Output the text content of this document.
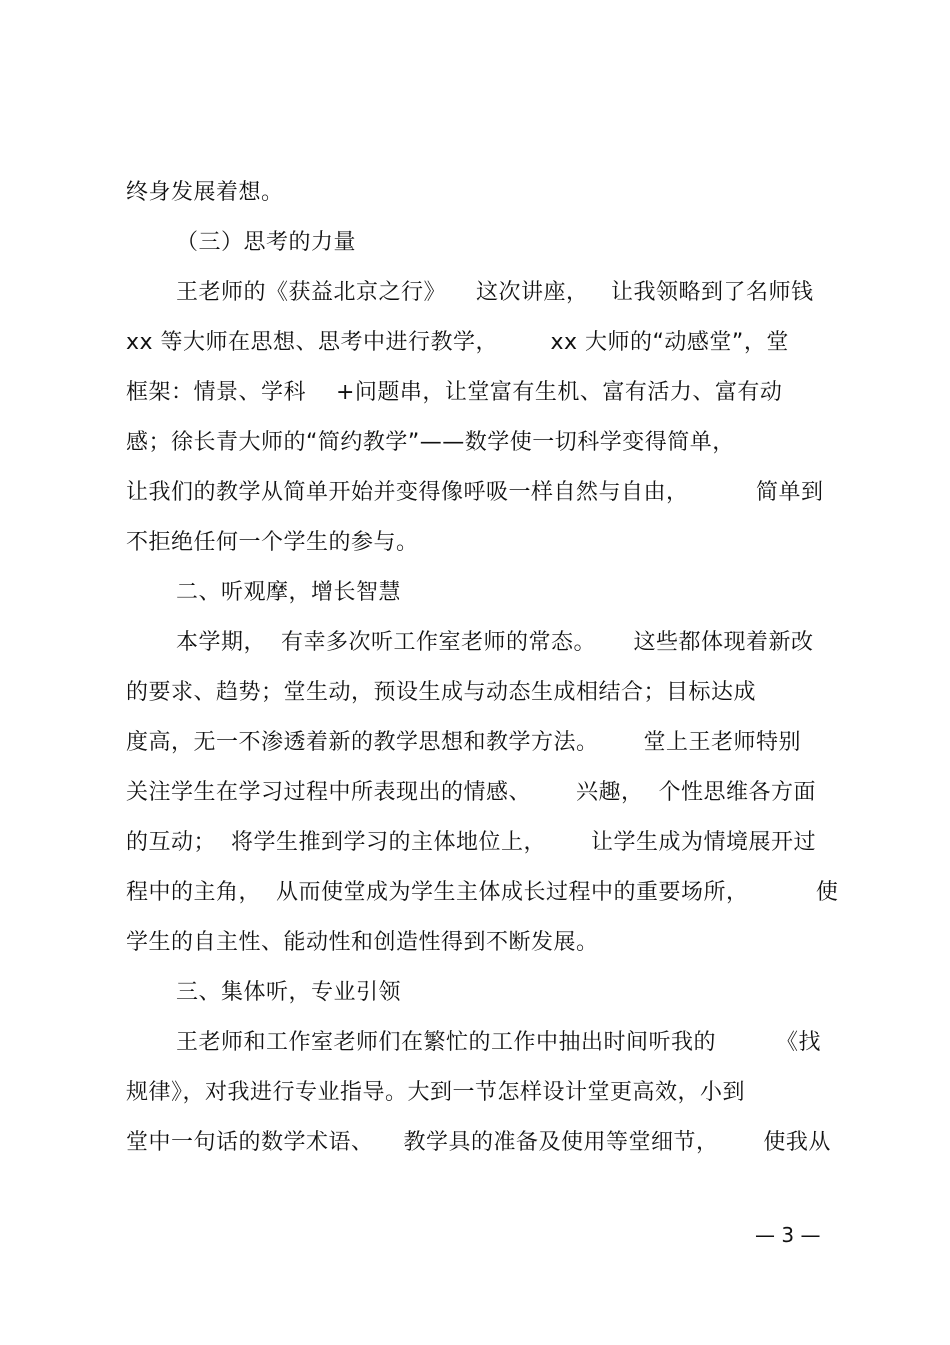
终身发展着想。
（三）思考的力量
王老师的《获益北京之行》    这次讲座，   让我领略到了名师钱
xx 等大师在思想、思考中进行教学，       xx 大师的“动感堂”，堂
框架：情景、学科    +问题串，让堂富有生机、富有活力、富有动
感；徐长青大师的“简约教学”——数学使一切科学变得简单，
让我们的教学从简单开始并变得像呼吸一样自然与自由，         简单到
不拒绝任何一个学生的参与。
二、听观摩，增长智慧
本学期，  有幸多次听工作室老师的常态。     这些都体现着新改
的要求、趋势；堂生动，预设生成与动态生成相结合；目标达成
度高，无一不渗透着新的教学思想和教学方法。      堂上王老师特别
关注学生在学习过程中所表现出的情感、      兴趣，  个性思维各方面
的互动；  将学生推到学习的主体地位上，      让学生成为情境展开过
程中的主角，  从而使堂成为学生主体成长过程中的重要场所，         使
学生的自主性、能动性和创造性得到不断发展。
三、集体听，专业引领
王老师和工作室老师们在繁忙的工作中抽出时间听我的        《找
规律》，对我进行专业指导。大到一节怎样设计堂更高效，小到
堂中一句话的数学术语、    教学具的准备及使用等堂细节，      使我从
— 3 —
